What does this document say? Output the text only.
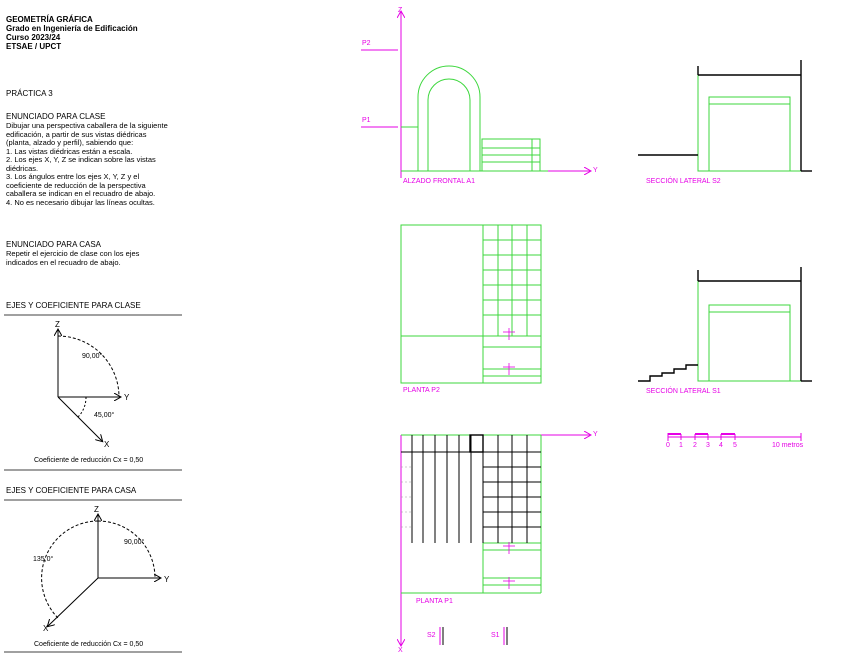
GEOMETRÍA GRÁFICA
Grado en Ingeniería de Edificación
Curso 2023/24
ETSAE / UPCT
PRÁCTICA 3
ENUNCIADO PARA CLASE
Dibujar una perspectiva caballera de la siguiente
edificación, a partir de sus vistas diédricas
(planta, alzado y perfil), sabiendo que:
1. Las vistas diédricas están a escala.
2. Los ejes X, Y, Z se indican sobre las vistas
diédricas.
3. Los ángulos entre los ejes X, Y, Z y el
coeficiente de reducción de la perspectiva
caballera se indican en el recuadro de abajo.
4. No es necesario dibujar las líneas ocultas.
ENUNCIADO PARA CASA
Repetir el ejercicio de clase con los ejes
indicados en el recuadro de abajo.
EJES Y COEFICIENTE PARA CLASE
EJES Y COEFICIENTE PARA CASA
Z
Y
X
90,00°
45,00°
Coeficiente de reducción Cx = 0,50
Z
Y
X
135,0°
90,00°
Coeficiente de reducción Cx = 0,50
ALZADO FRONTAL A1	SECCIÓN LATERAL S2
PLANTA P2	SECCIÓN LATERAL S1
PLANTA P1
P2
P1
S2	S1
Z
Y
Y
X
0 1 2 3 4 5	10 metros
